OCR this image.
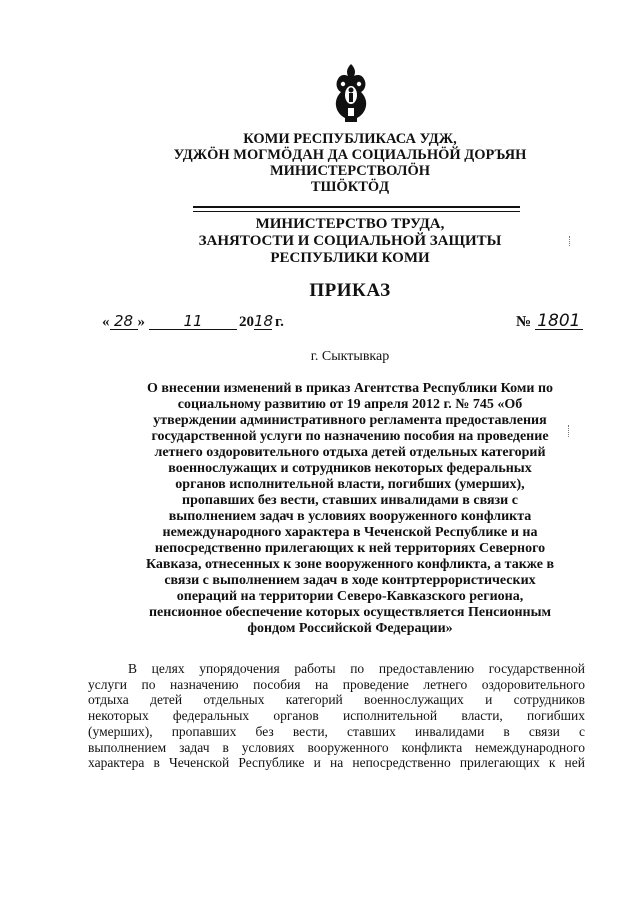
КОМИ РЕСПУБЛИКАСА УДЖ,
УДЖӦН МОГМӦДАН ДА СОЦИАЛЬНӦЙ ДОРЪЯН
МИНИСТЕРСТВОЛӦН
ТШӦКТӦД
МИНИСТЕРСТВО ТРУДА,
ЗАНЯТОСТИ И СОЦИАЛЬНОЙ ЗАЩИТЫ
РЕСПУБЛИКИ КОМИ
ПРИКАЗ
« 28 »	11 2018 г.	№ 1801
г. Сыктывкар
О внесении изменений в приказ Агентства Республики Коми по
социальному развитию от 19 апреля 2012 г. № 745 «Об
утверждении административного регламента предоставления
государственной услуги по назначению пособия на проведение
летнего оздоровительного отдыха детей отдельных категорий
военнослужащих и сотрудников некоторых федеральных
органов исполнительной власти, погибших (умерших),
пропавших без вести, ставших инвалидами в связи с
выполнением задач в условиях вооруженного конфликта
немеждународного характера в Чеченской Республике и на
непосредственно прилегающих к ней территориях Северного
Кавказа, отнесенных к зоне вооруженного конфликта, а также в
связи с выполнением задач в ходе контртеррористических
операций на территории Северо-Кавказского региона,
пенсионное обеспечение которых осуществляется Пенсионным
фондом Российской Федерации»
В целях упорядочения работы по предоставлению государственной
услуги по назначению пособия на проведение летнего оздоровительного
отдыха детей отдельных категорий военнослужащих и сотрудников
некоторых федеральных органов исполнительной власти, погибших
(умерших), пропавших без вести, ставших инвалидами в связи с
выполнением задач в условиях вооруженного конфликта немеждународного
характера в Чеченской Республике и на непосредственно прилегающих к ней
